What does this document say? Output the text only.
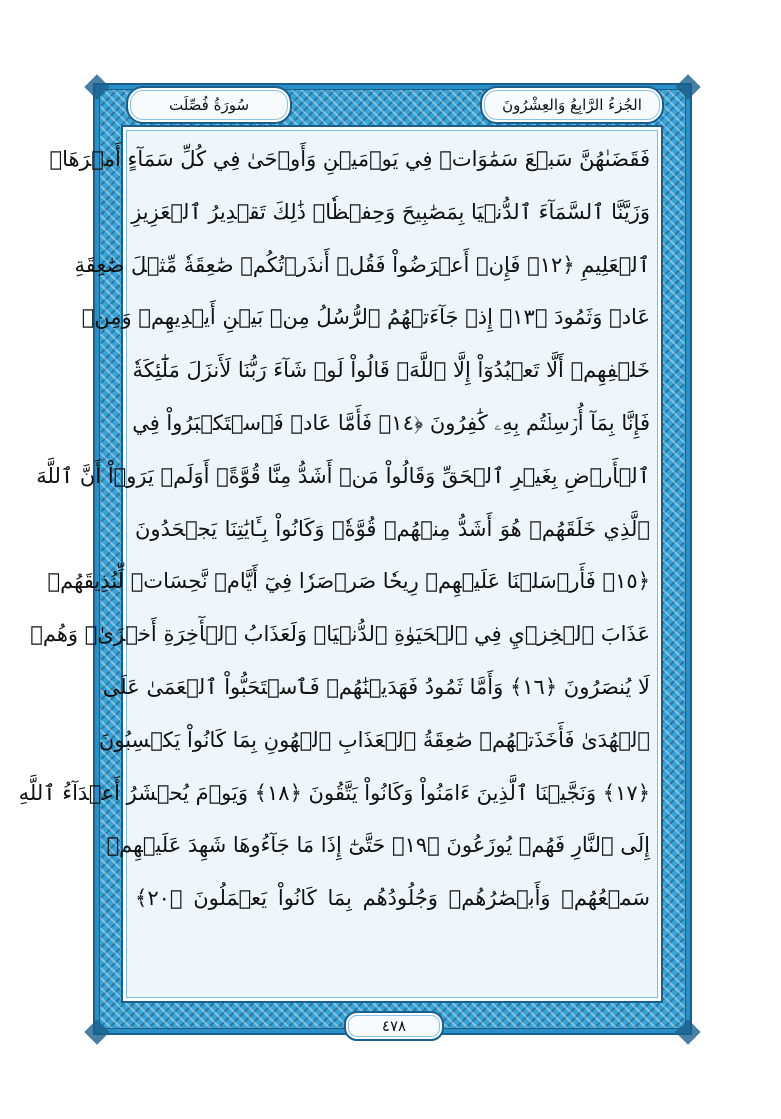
الجُزءُ الرَّابِعُ وَالعِشْرُونَ
سُورَةُ فُصِّلَت
فَقَضَىٰهُنَّ سَبۡعَ سَمَٰوَاتٖ فِي يَوۡمَيۡنِ وَأَوۡحَىٰ فِي كُلِّ سَمَآءٍ أَمۡرَهَاۚ
وَزَيَّنَّا ٱلسَّمَآءَ ٱلدُّنۡيَا بِمَصَٰبِيحَ وَحِفۡظٗاۚ ذَٰلِكَ تَقۡدِيرُ ٱلۡعَزِيزِ
ٱلۡعَلِيمِ ﴿١٢﴾ فَإِنۡ أَعۡرَضُواْ فَقُلۡ أَنذَرۡتُكُمۡ صَٰعِقَةٗ مِّثۡلَ صَٰعِقَةِ
عَادٖ وَثَمُودَ ﴿١٣﴾ إِذۡ جَآءَتۡهُمُ ٱلرُّسُلُ مِنۢ بَيۡنِ أَيۡدِيهِمۡ وَمِنۡ
خَلۡفِهِمۡ أَلَّا تَعۡبُدُوٓاْ إِلَّا ٱللَّهَۖ قَالُواْ لَوۡ شَآءَ رَبُّنَا لَأَنزَلَ مَلَٰٓئِكَةٗ
فَإِنَّا بِمَآ أُرۡسِلۡتُم بِهِۦ كَٰفِرُونَ ﴿١٤﴾ فَأَمَّا عَادٞ فَٱسۡتَكۡبَرُواْ فِي
ٱلۡأَرۡضِ بِغَيۡرِ ٱلۡحَقِّ وَقَالُواْ مَنۡ أَشَدُّ مِنَّا قُوَّةًۖ أَوَلَمۡ يَرَوۡاْ أَنَّ ٱللَّهَ
ٱلَّذِي خَلَقَهُمۡ هُوَ أَشَدُّ مِنۡهُمۡ قُوَّةٗۖ وَكَانُواْ بِـَٔايَٰتِنَا يَجۡحَدُونَ
﴿١٥﴾ فَأَرۡسَلۡنَا عَلَيۡهِمۡ رِيحٗا صَرۡصَرٗا فِيٓ أَيَّامٖ نَّحِسَاتٖ لِّنُذِيقَهُمۡ
عَذَابَ ٱلۡخِزۡيِ فِي ٱلۡحَيَوٰةِ ٱلدُّنۡيَاۖ وَلَعَذَابُ ٱلۡأٓخِرَةِ أَخۡزَىٰۖ وَهُمۡ
لَا يُنصَرُونَ ﴿١٦﴾ وَأَمَّا ثَمُودُ فَهَدَيۡنَٰهُمۡ فَٱسۡتَحَبُّواْ ٱلۡعَمَىٰ عَلَى
ٱلۡهُدَىٰ فَأَخَذَتۡهُمۡ صَٰعِقَةُ ٱلۡعَذَابِ ٱلۡهُونِ بِمَا كَانُواْ يَكۡسِبُونَ
﴿١٧﴾ وَنَجَّيۡنَا ٱلَّذِينَ ءَامَنُواْ وَكَانُواْ يَتَّقُونَ ﴿١٨﴾ وَيَوۡمَ يُحۡشَرُ أَعۡدَآءُ ٱللَّهِ
إِلَى ٱلنَّارِ فَهُمۡ يُوزَعُونَ ﴿١٩﴾ حَتَّىٰٓ إِذَا مَا جَآءُوهَا شَهِدَ عَلَيۡهِمۡ
سَمۡعُهُمۡ وَأَبۡصَٰرُهُمۡ وَجُلُودُهُم بِمَا كَانُواْ يَعۡمَلُونَ ﴿٢٠﴾
٤٧٨
